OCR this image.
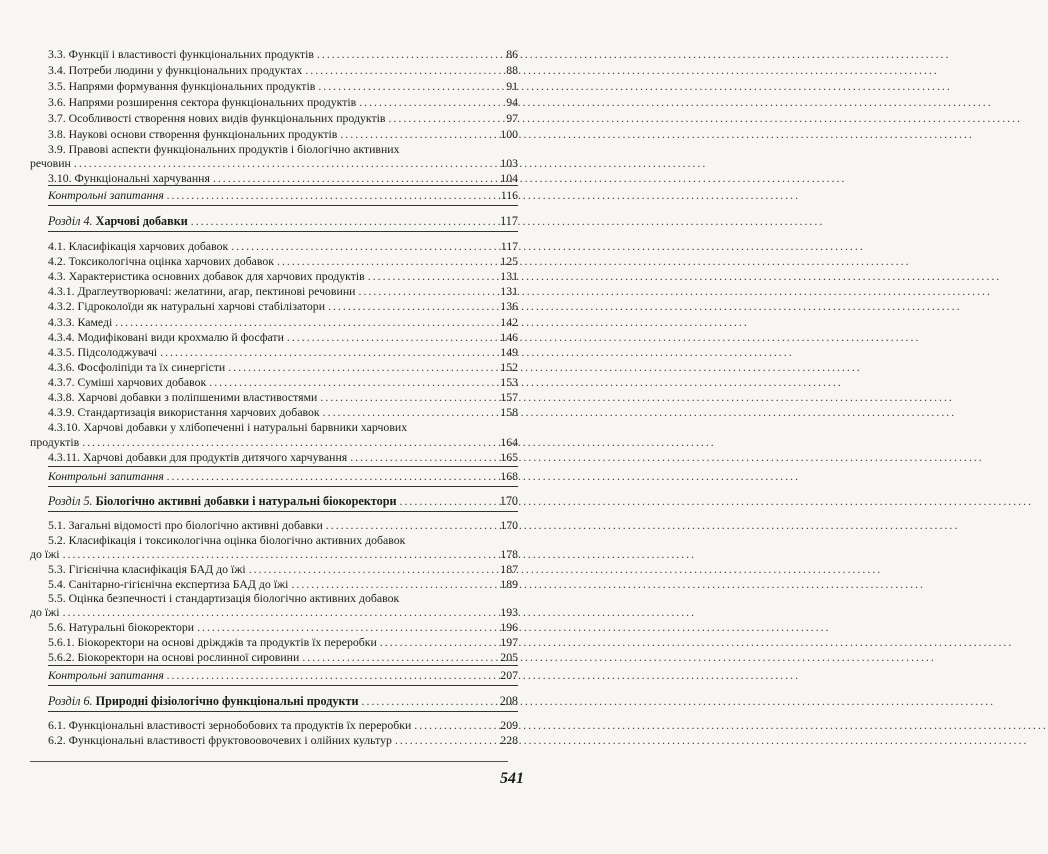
3.3. Функції і властивості функціональних продуктів .....	86
3.4. Потреби людини у функціональних продуктах .....	88
3.5. Напрями формування функціональних продуктів .....	91
3.6. Напрями розширення сектора функціональних продуктів .....	94
3.7. Особливості створення нових видів функціональних продуктів .....	97
3.8. Наукові основи створення функціональних продуктів .....	100
3.9. Правові аспекти функціональних продуктів і біологічно активних
речовин .....	103
3.10. Функціональні харчування .....	104
Контрольні запитання .....	116
Розділ 4. Харчові добавки .....	117
4.1. Класифікація харчових добавок .....	117
4.2. Токсикологічна оцінка харчових добавок .....	125
4.3. Характеристика основних добавок для харчових продуктів .....	131
4.3.1. Драглеутворювачі: желатини, агар, пектинові речовини .....	131
4.3.2. Гідроколоїди як натуральні харчові стабілізатори .....	136
4.3.3. Камеді .....	142
4.3.4. Модифіковані види крохмалю й фосфати .....	146
4.3.5. Підсолоджувачі .....	149
4.3.6. Фосфоліпіди та їх синергісти .....	152
4.3.7. Суміші харчових добавок .....	153
4.3.8. Харчові добавки з поліпшеними властивостями .....	157
4.3.9. Стандартизація використання харчових добавок .....	158
4.3.10. Харчові добавки у хлібопеченні і натуральні барвники харчових
продуктів .....	164
4.3.11. Харчові добавки для продуктів дитячого харчування .....	165
Контрольні запитання .....	168
Розділ 5. Біологічно активні добавки і натуральні біокоректори .....	170
5.1. Загальні відомості про біологічно активні добавки .....	170
5.2. Класифікація і токсикологічна оцінка біологічно активних добавок
до їжі .....	178
5.3. Гігієнічна класифікація БАД до їжі .....	187
5.4. Санітарно-гігієнічна експертиза БАД до їжі .....	189
5.5. Оцінка безпечності і стандартизація біологічно активних добавок
до їжі .....	193
5.6. Натуральні біокоректори .....	196
5.6.1. Біокоректори на основі дріжджів та продуктів їх переробки .....	197
5.6.2. Біокоректори на основі рослинної сировини .....	205
Контрольні запитання .....	207
Розділ 6. Природні фізіологічно функціональні продукти .....	208
6.1. Функціональні властивості зернобобових та продуктів їх переробки .....	209
6.2. Функціональні властивості фруктовоовочевих і олійних культур .....	228
541
